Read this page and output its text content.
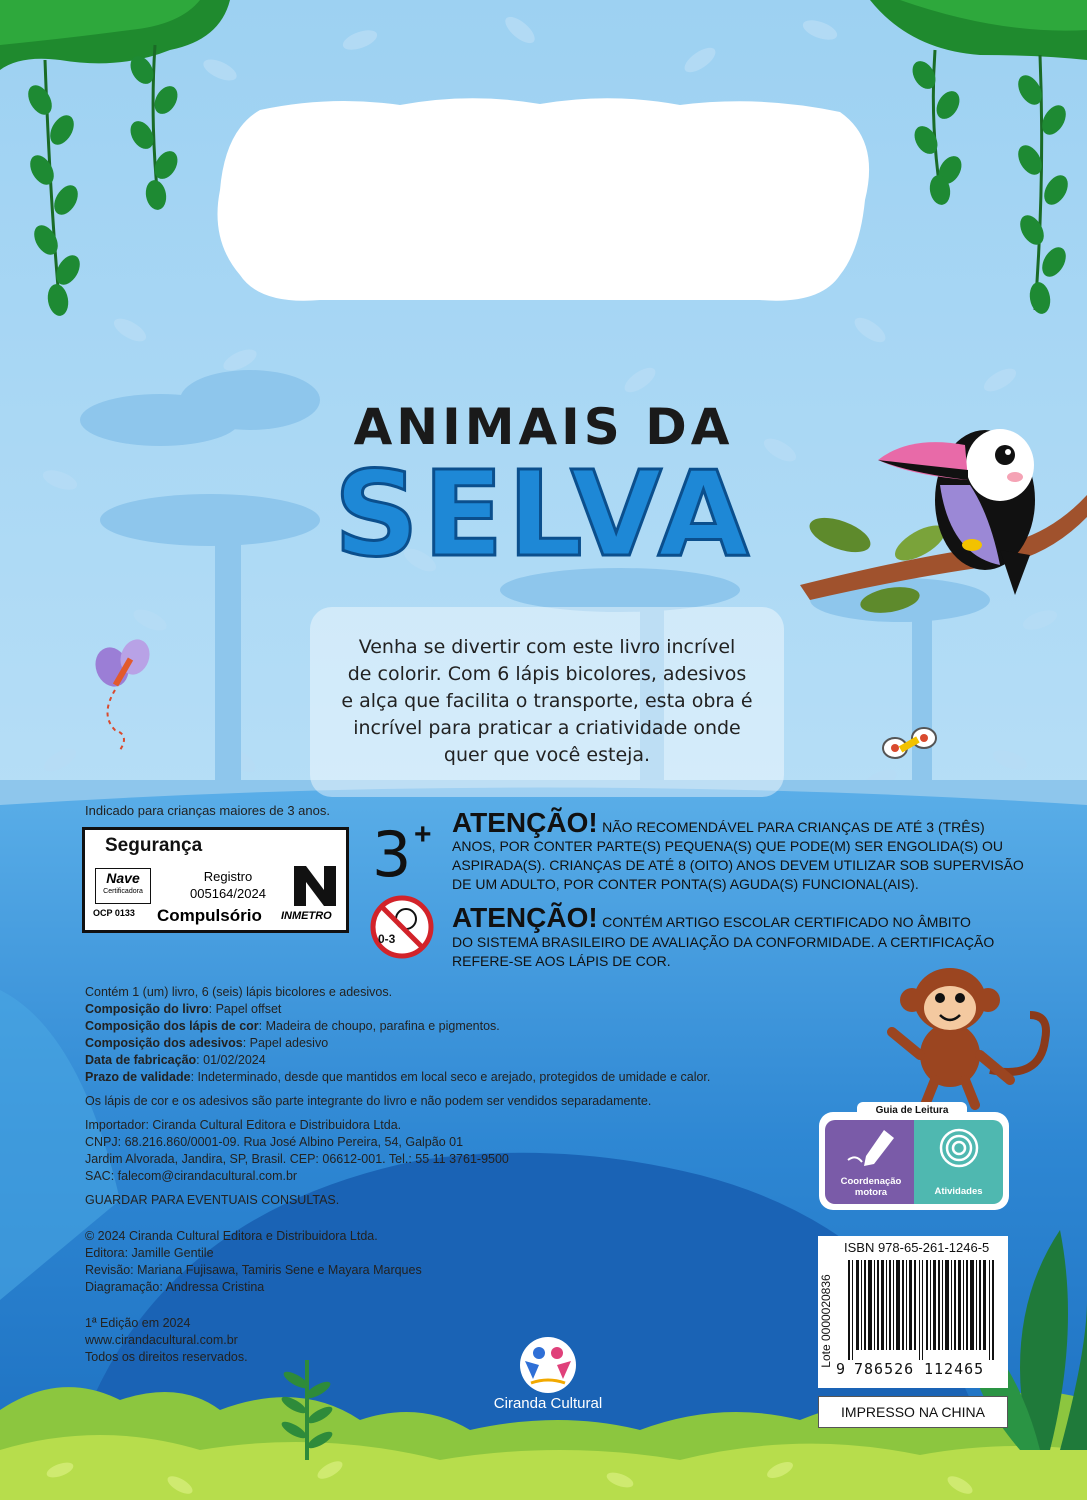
ANIMAIS DA
SELVA
Venha se divertir com este livro incrível
de colorir. Com 6 lápis bicolores, adesivos
e alça que facilita o transporte, esta obra é
incrível para praticar a criatividade onde
quer que você esteja.
Indicado para crianças maiores de 3 anos.
Segurança
Nave
Certificadora
OCP 0133
Registro
005164/2024
Compulsório INMETRO
3 +
0-3
ATENÇÃO! NÃO RECOMENDÁVEL PARA CRIANÇAS DE ATÉ 3 (TRÊS)
ANOS, POR CONTER PARTE(S) PEQUENA(S) QUE PODE(M) SER ENGOLIDA(S) OU
ASPIRADA(S). CRIANÇAS DE ATÉ 8 (OITO) ANOS DEVEM UTILIZAR SOB SUPERVISÃO
DE UM ADULTO, POR CONTER PONTA(S) AGUDA(S) FUNCIONAL(AIS).
ATENÇÃO! CONTÉM ARTIGO ESCOLAR CERTIFICADO NO ÂMBITO
DO SISTEMA BRASILEIRO DE AVALIAÇÃO DA CONFORMIDADE. A CERTIFICAÇÃO
REFERE-SE AOS LÁPIS DE COR.

Contém 1 (um) livro, 6 (seis) lápis bicolores e adesivos.

Composição do livro: Papel offset

Composição dos lápis de cor: Madeira de choupo, parafina e pigmentos.

Composição dos adesivos: Papel adesivo

Data de fabricação: 01/02/2024

Prazo de validade: Indeterminado, desde que mantidos em local seco e arejado, protegidos de umidade e calor.

Os lápis de cor e os adesivos são parte integrante do livro e não podem ser vendidos separadamente.

Importador: Ciranda Cultural Editora e Distribuidora Ltda.

CNPJ: 68.216.860/0001-09. Rua José Albino Pereira, 54, Galpão 01

Jardim Alvorada, Jandira, SP, Brasil. CEP: 06612-001. Tel.: 55 11 3761-9500

SAC: falecom@cirandacultural.com.br

GUARDAR PARA EVENTUAIS CONSULTAS.

© 2024 Ciranda Cultural Editora e Distribuidora Ltda.

Editora: Jamille Gentile

Revisão: Mariana Fujisawa, Tamiris Sene e Mayara Marques

Diagramação: Andressa Cristina

1ª Edição em 2024

www.cirandacultural.com.br

Todos os direitos reservados.

Ciranda Cultural
Guia de Leitura
Coordenação
motora	Atividades
ISBN 978-65-261-1246-5
Lote 0000020836
9 786526 112465
IMPRESSO NA CHINA
